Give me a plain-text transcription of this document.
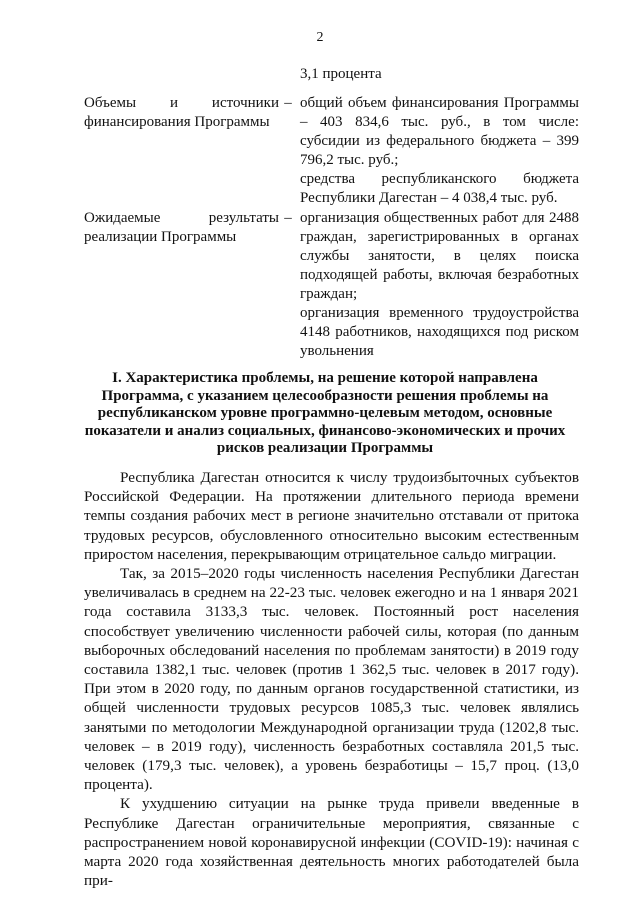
2
3,1 процента
Объемы и источники финансирования Программы
– общий объем финансирования Программы – 403 834,6 тыс. руб., в том числе: субсидии из федерального бюджета – 399 796,2 тыс. руб.;
средства республиканского бюджета Республики Дагестан – 4 038,4 тыс. руб.
Ожидаемые результаты реализации Программы
– организация общественных работ для 2488 граждан, зарегистрированных в органах службы занятости, в целях поиска подходящей работы, включая безработных граждан;
организация временного трудоустройства 4148 работников, находящихся под риском увольнения
I. Характеристика проблемы, на решение которой направлена Программа, с указанием целесообразности решения проблемы на республиканском уровне программно-целевым методом, основные показатели и анализ социальных, финансово-экономических и прочих рисков реализации Программы

Республика Дагестан относится к числу трудоизбыточных субъектов Российской Федерации. На протяжении длительного периода времени темпы создания рабочих мест в регионе значительно отставали от притока трудовых ресурсов, обусловленного относительно высоким естественным приростом населения, перекрывающим отрицательное сальдо миграции.

Так, за 2015–2020 годы численность населения Республики Дагестан увеличивалась в среднем на 22-23 тыс. человек ежегодно и на 1 января 2021 года составила 3133,3 тыс. человек. Постоянный рост населения способствует увеличению численности рабочей силы, которая (по данным выборочных обследований населения по проблемам занятости) в 2019 году составила 1382,1 тыс. человек (против 1 362,5 тыс. человек в 2017 году). При этом в 2020 году, по данным органов государственной статистики, из общей численности трудовых ресурсов 1085,3 тыс. человек являлись занятыми по методологии Международной организации труда (1202,8 тыс. человек – в 2019 году), численность безработных составляла 201,5 тыс. человек (179,3 тыс. человек), а уровень безработицы – 15,7 проц. (13,0 процента).

К ухудшению ситуации на рынке труда привели введенные в Республике Дагестан ограничительные мероприятия, связанные с распространением новой коронавирусной инфекции (COVID-19): начиная с марта 2020 года хозяйственная деятельность многих работодателей была при-
